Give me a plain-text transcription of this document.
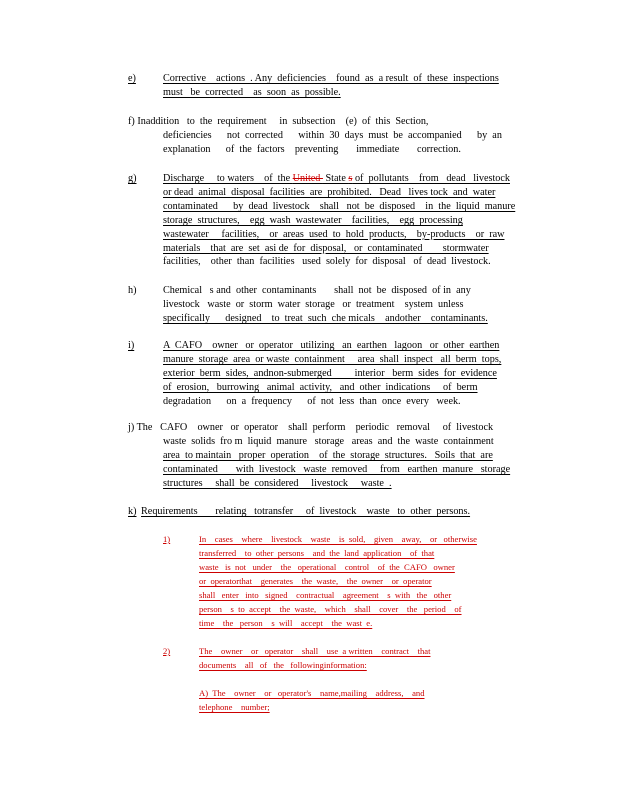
e)	Corrective    actions  . Any  deficiencies    found  as  a result  of  these  inspections
must   be  corrected    as  soon  as  possible.
f) Inaddition   to  the  requirement     in  subsection    (e)  of  this  Section,
deficiencies      not  corrected      within  30  days  must  be  accompanied      by  an
explanation      of  the  factors    preventing       immediate       correction.
g)	Discharge     to waters    of  the United  State s of  pollutants    from   dead   livestock
or dead  animal  disposal  facilities  are  prohibited.   Dead   lives tock  and  water
contaminated      by  dead  livestock    shall   not  be  disposed    in  the  liquid  manure
storage  structures,    egg  wash  wastewater    facilities,    egg  processing
wastewater     facilities,    or  areas  used  to  hold  products,    by-products    or  raw
materials    that  are  set  asi de  for  disposal,   or  contaminated        stormwater
facilities,    other  than  facilities   used  solely  for  disposal   of  dead  livestock.
h)	Chemical   s and  other  contaminants       shall  not  be  disposed  of in  any
livestock   waste  or  storm  water  storage   or  treatment    system  unless
specifically      designed    to  treat  such  che micals    andother    contaminants.
i)	A  CAFO    owner   or  operator   utilizing   an  earthen   lagoon   or  other  earthen
manure  storage  area  or waste  containment     area  shall  inspect   all  berm  tops,
exterior  berm  sides,  andnon-submerged         interior   berm  sides  for  evidence
of  erosion,   burrowing   animal  activity,   and  other  indications     of  berm
degradation      on  a  frequency      of  not  less  than  once  every   week.
j) The   CAFO    owner   or  operator    shall  perform    periodic   removal     of  livestock
waste  solids  fro m  liquid  manure   storage   areas  and  the  waste  containment
area  to maintain   proper  operation    of  the  storage  structures.   Soils  that  are
contaminated       with  livestock   waste  removed     from   earthen  manure   storage
structures     shall  be  considered     livestock     waste  .
k) Requirements       relating   totransfer     of  livestock    waste   to  other  persons.
1)	In    cases    where    livestock    waste    is  sold,    given    away,    or   otherwise
transferred    to  other  persons    and  the  land  application    of  that
waste   is  not   under    the   operational    control    of  the  CAFO   owner
or  operatorthat    generates    the  waste,    the  owner    or  operator
shall   enter   into   signed    contractual    agreement    s  with   the   other
person    s  to  accept    the  waste,    which    shall    cover    the   period    of
time    the   person    s  will    accept    the  wast  e.
2)	The    owner    or   operator    shall    use  a written    contract    that
documents    all   of   the   followinginformation:
A)  The    owner    or   operator's    name,mailing    address,    and
telephone    number;
